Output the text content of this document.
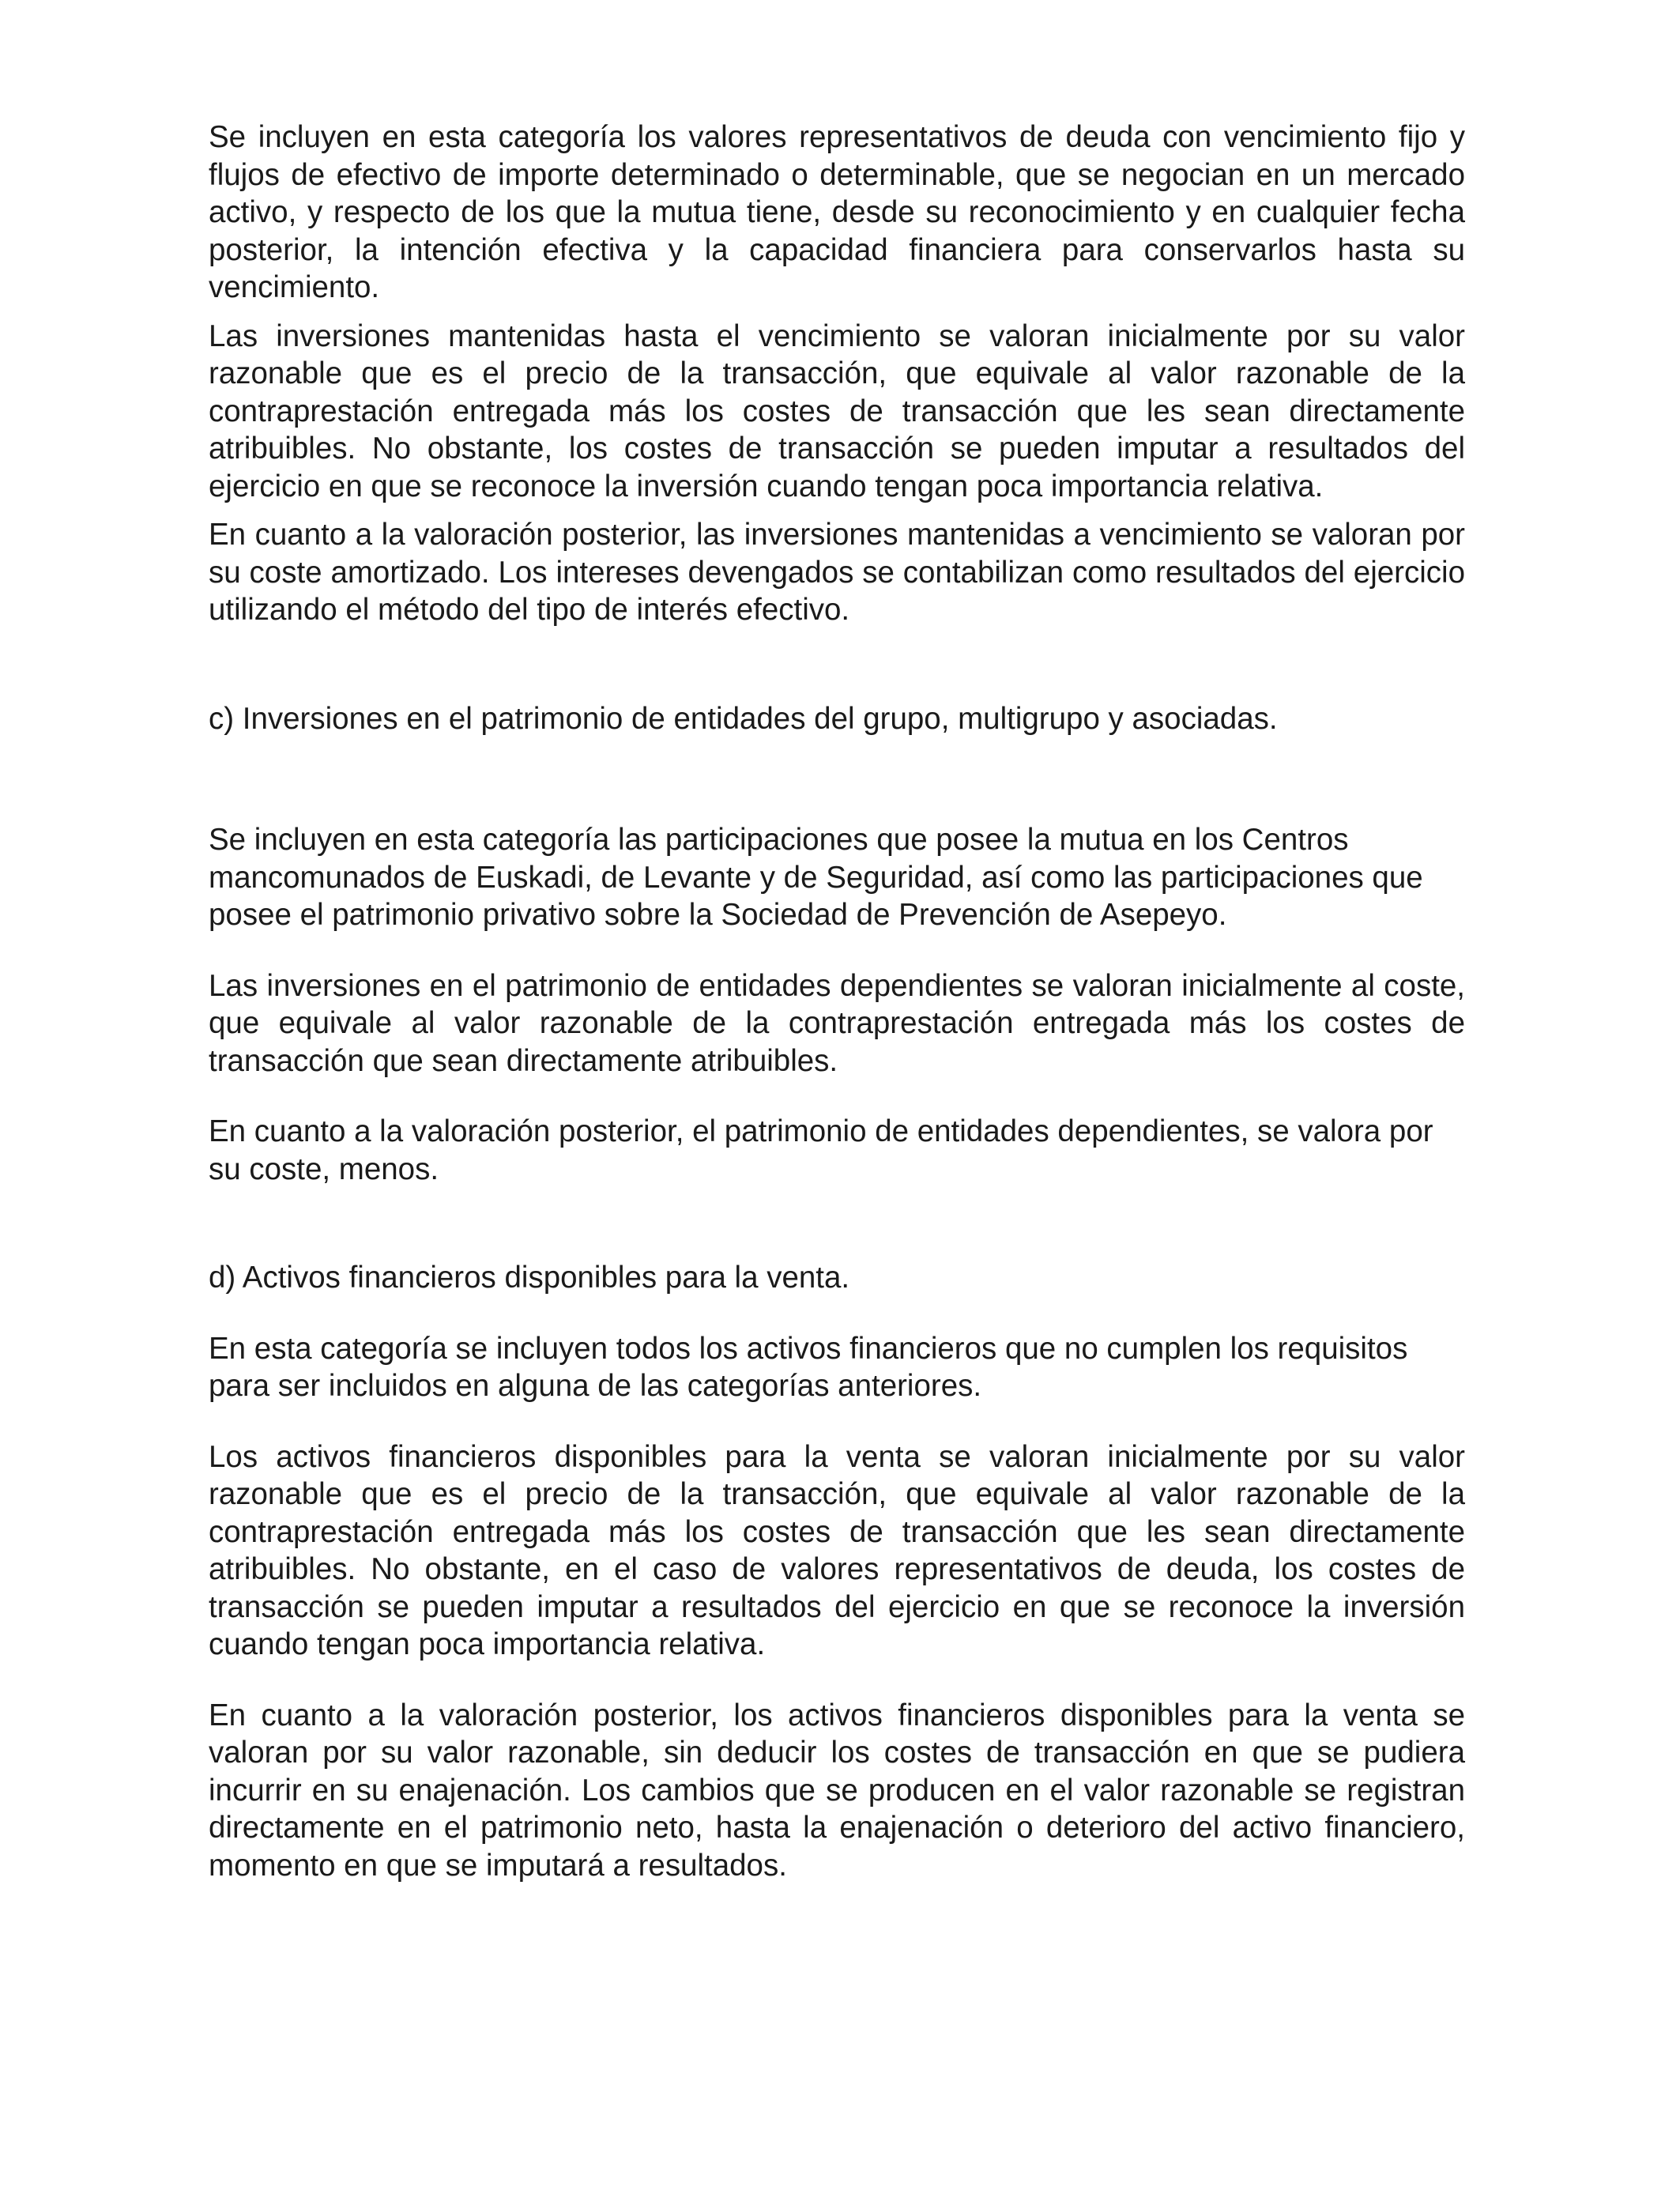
Se incluyen en esta categoría los valores representativos de deuda con vencimiento fijo y flujos de efectivo de importe determinado o determinable, que se negocian en un mercado activo, y respecto de los que la mutua tiene, desde su reconocimiento y en cualquier fecha posterior, la intención efectiva y la capacidad financiera para conservarlos hasta su vencimiento.

Las inversiones mantenidas hasta el vencimiento se valoran inicialmente por su valor razonable que es el precio de la transacción, que equivale al valor razonable de la contraprestación entregada más los costes de transacción que les sean directamente atribuibles. No obstante, los costes de transacción se pueden imputar a resultados del ejercicio en que se reconoce la inversión cuando tengan poca importancia relativa.

En cuanto a la valoración posterior, las inversiones mantenidas a vencimiento se valoran por su coste amortizado. Los intereses devengados se contabilizan como resultados del ejercicio utilizando el método del tipo de interés efectivo.

c) Inversiones en el patrimonio de entidades del grupo, multigrupo y asociadas.

Se incluyen en esta categoría las participaciones que posee la mutua en los Centros mancomunados de Euskadi, de Levante y de Seguridad, así como las participaciones que posee el patrimonio privativo sobre la Sociedad de Prevención de Asepeyo.

Las inversiones en el patrimonio de entidades dependientes se valoran inicialmente al coste, que equivale al valor razonable de la contraprestación entregada más los costes de transacción que sean directamente atribuibles.

En cuanto a la valoración posterior, el patrimonio de entidades dependientes, se valora por su coste, menos.

d) Activos financieros disponibles para la venta.

En esta categoría se incluyen todos los activos financieros que no cumplen los requisitos para ser incluidos en alguna de las categorías anteriores.

Los activos financieros disponibles para la venta se valoran inicialmente por su valor razonable que es el precio de la transacción, que equivale al valor razonable de la contraprestación entregada más los costes de transacción que les sean directamente atribuibles. No obstante, en el caso de valores representativos de deuda, los costes de transacción se pueden imputar a resultados del ejercicio en que se reconoce la inversión cuando tengan poca importancia relativa.

En cuanto a la valoración posterior, los activos financieros disponibles para la venta se valoran por su valor razonable, sin deducir los costes de transacción en que se pudiera incurrir en su enajenación. Los cambios que se producen en el valor razonable se registran directamente en el patrimonio neto, hasta la enajenación o deterioro del activo financiero, momento en que se imputará a resultados.
